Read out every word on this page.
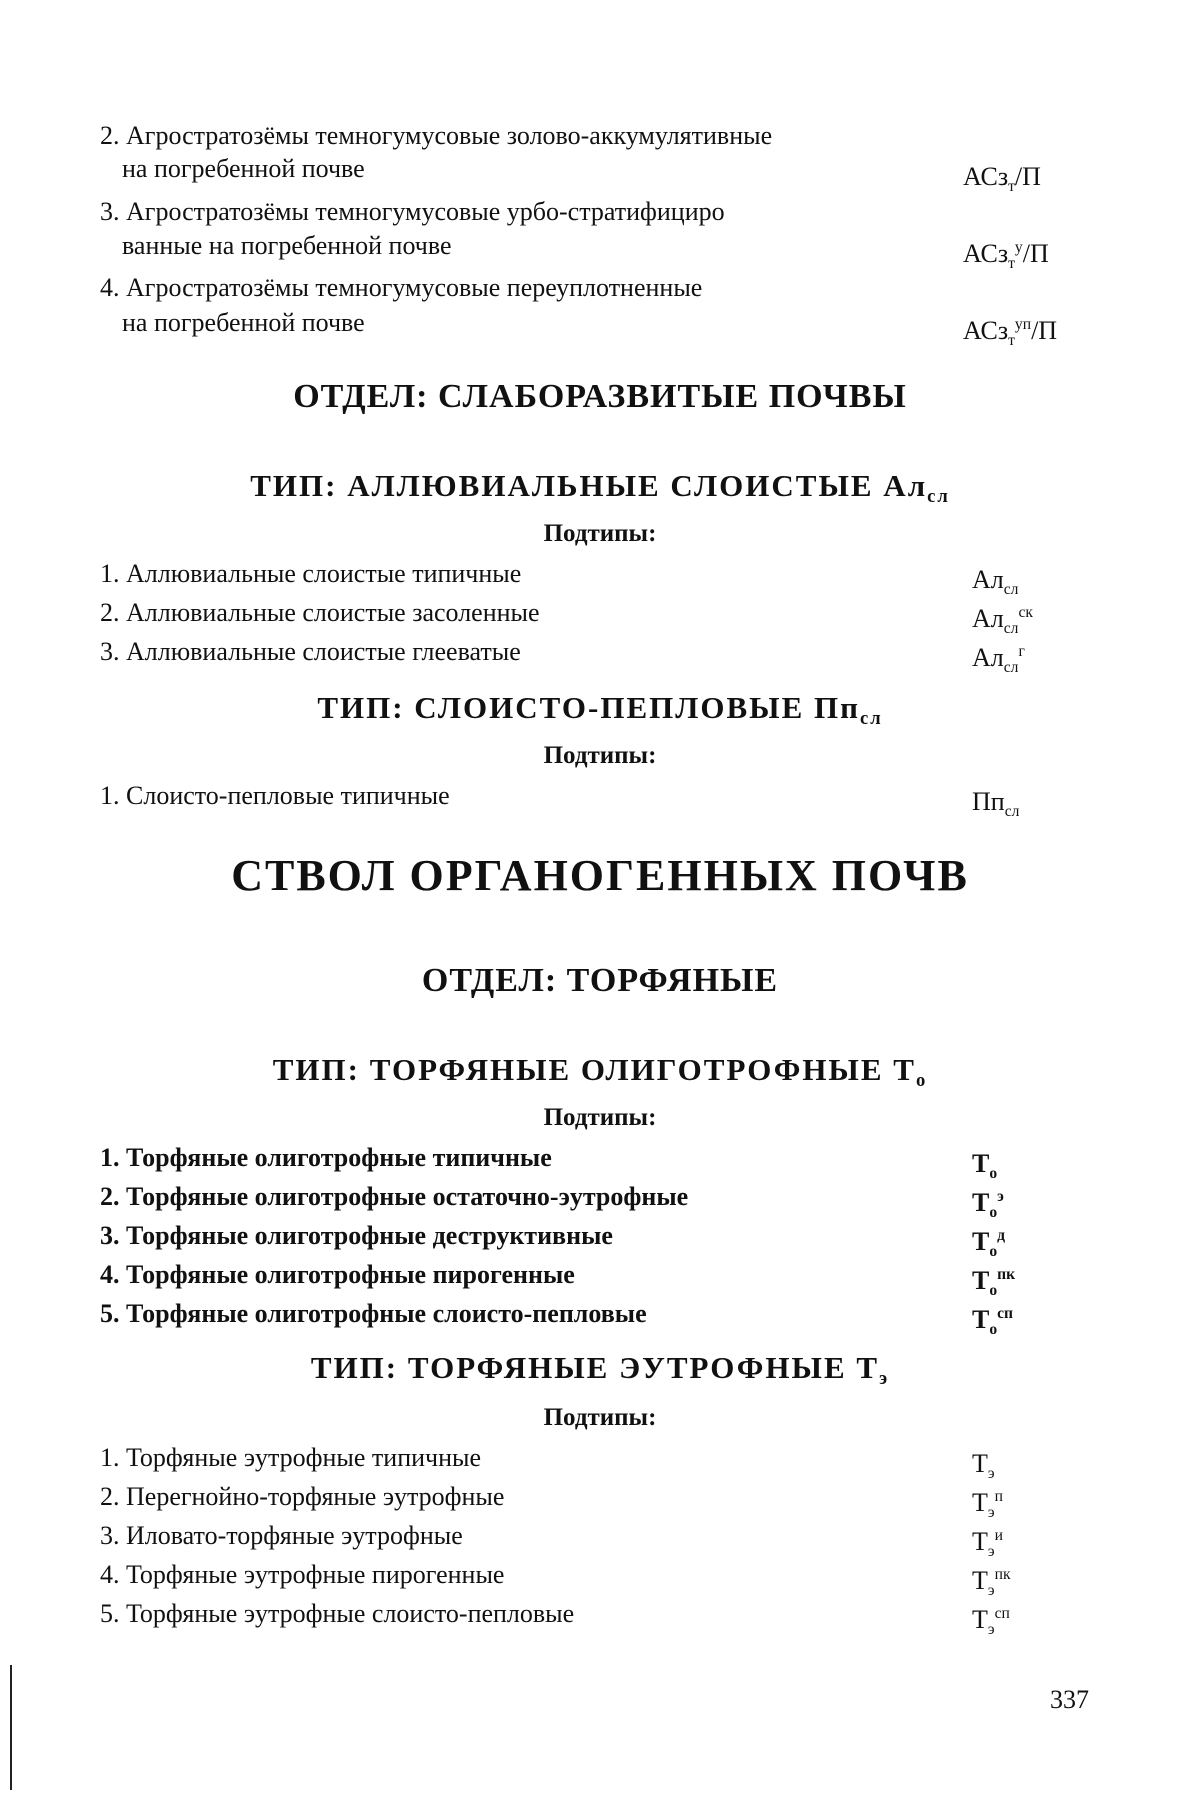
2. Агростратозёмы темногумусовые золово-аккумулятивные
на погребенной почве	АСз$_т$/П
3. Агростратозёмы темногумусовые урбо-стратифициро
ванные на погребенной почве	АСз$_т^у$/П
4. Агростратозёмы темногумусовые переуплотненные
на погребенной почве	АСз$_т^{уп}$/П
ОТДЕЛ: СЛАБОРАЗВИТЫЕ ПОЧВЫ
ТИП: АЛЛЮВИАЛЬНЫЕ СЛОИСТЫЕ $Ал_{сл}$
Подтипы:
1. Аллювиальные слоистые типичные	$Ал_{сл}$
2. Аллювиальные слоистые засоленные	$Ал_{сл}^{ск}$
3. Аллювиальные слоистые глееватые	$Ал_{сл}^г$
ТИП: СЛОИСТО-ПЕПЛОВЫЕ $Пп_{сл}$
Подтипы:
1. Слоисто-пепловые типичные	$Пп_{сл}$
СТВОЛ ОРГАНОГЕННЫХ ПОЧВ
ОТДЕЛ: ТОРФЯНЫЕ
ТИП: ТОРФЯНЫЕ ОЛИГОТРОФНЫЕ $Т_о$
Подтипы:
1. Торфяные олиготрофные типичные	$Т_о$
2. Торфяные олиготрофные остаточно-эутрофные	$Т_о^э$
3. Торфяные олиготрофные деструктивные	$Т_о^д$
4. Торфяные олиготрофные пирогенные	$Т_о^{пк}$
5. Торфяные олиготрофные слоисто-пепловые	$Т_о^{сп}$
ТИП: ТОРФЯНЫЕ ЭУТРОФНЫЕ $Т_э$
Подтипы:
1. Торфяные эутрофные типичные	$Т_э$
2. Перегнойно-торфяные эутрофные	$Т_э^п$
3. Иловато-торфяные эутрофные	$Т_э^и$
4. Торфяные эутрофные пирогенные	$Т_э^{пк}$
5. Торфяные эутрофные слоисто-пепловые	$Т_э^{сп}$
337
